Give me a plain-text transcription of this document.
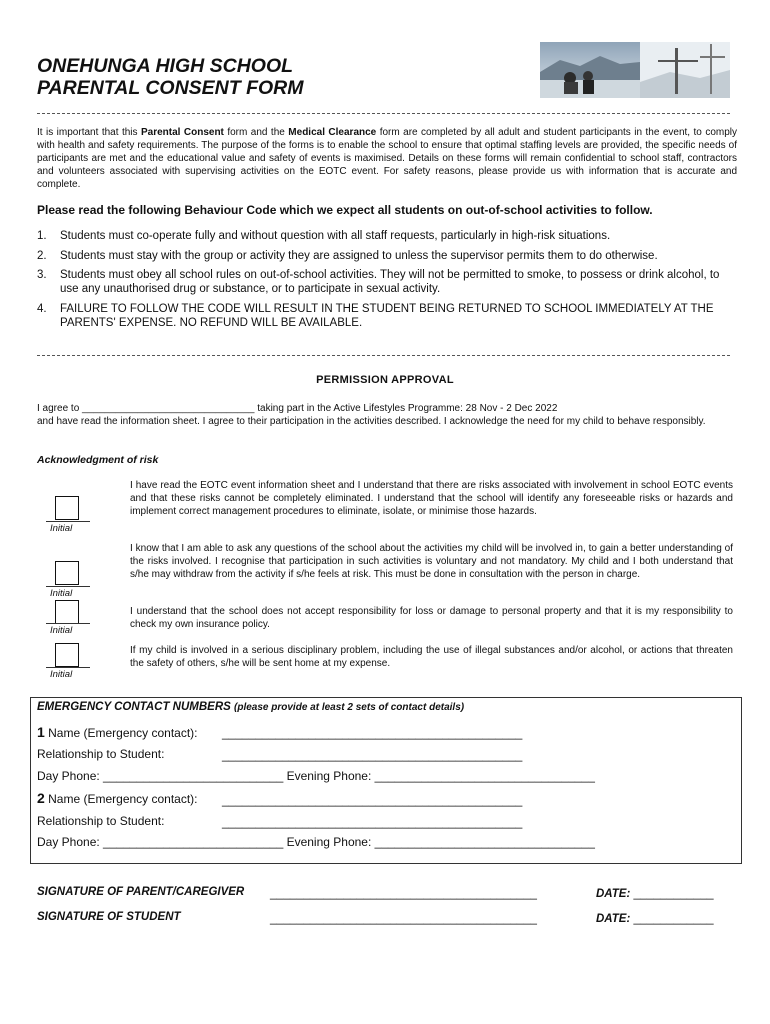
ONEHUNGA HIGH SCHOOL
PARENTAL CONSENT FORM
It is important that this Parental Consent form and the Medical Clearance form are completed by all adult and student participants in the event, to comply with health and safety requirements. The purpose of the forms is to enable the school to ensure that optimal staffing levels are provided, the specific needs of participants are met and the educational value and safety of events is maximised. Details on these forms will remain confidential to school staff, contractors and volunteers associated with supervising activities on the EOTC event. For safety reasons, please provide us with information that is accurate and complete.
Please read the following Behaviour Code which we expect all students on out-of-school activities to follow.
1.	Students must co-operate fully and without question with all staff requests, particularly in high-risk situations.
2.	Students must stay with the group or activity they are assigned to unless the supervisor permits them to do otherwise.
3.	Students must obey all school rules on out-of-school activities. They will not be permitted to smoke, to possess or drink alcohol, to use any unauthorised drug or substance, or to participate in sexual activity.
4.	FAILURE TO FOLLOW THE CODE WILL RESULT IN THE STUDENT BEING RETURNED TO SCHOOL IMMEDIATELY AT THE PARENTS' EXPENSE. NO REFUND WILL BE AVAILABLE.
PERMISSION APPROVAL
I agree to _______________________________ taking part in the Active Lifestyles Programme: 28 Nov - 2 Dec 2022
and have read the information sheet. I agree to their participation in the activities described. I acknowledge the need for my child to behave responsibly.
Acknowledgment of risk
I have read the EOTC event information sheet and I understand that there are risks associated with involvement in school EOTC events and that these risks cannot be completely eliminated. I understand that the school will identify any foreseeable risks or hazards and implement correct management procedures to eliminate, isolate, or minimise those hazards.
I know that I am able to ask any questions of the school about the activities my child will be involved in, to gain a better understanding of the risks involved. I recognise that participation in such activities is voluntary and not mandatory. My child and I both understand that s/he may withdraw from the activity if s/he feels at risk. This must be done in consultation with the person in charge.
I understand that the school does not accept responsibility for loss or damage to personal property and that it is my responsibility to check my own insurance policy.
If my child is involved in a serious disciplinary problem, including the use of illegal substances and/or alcohol, or actions that threaten the safety of others, s/he will be sent home at my expense.
Initial
Initial
Initial
Initial
EMERGENCY CONTACT NUMBERS (please provide at least 2 sets of contact details)
1 Name (Emergency contact): _____________________________________________
Relationship to Student:	_____________________________________________
Day Phone: ___________________________ Evening Phone: _________________________________
2 Name (Emergency contact): _____________________________________________
Relationship to Student:	_____________________________________________
Day Phone: ___________________________ Evening Phone: _________________________________
SIGNATURE OF PARENT/CAREGIVER ________________________________________	DATE: ____________
SIGNATURE OF STUDENT	________________________________________	DATE: ____________
